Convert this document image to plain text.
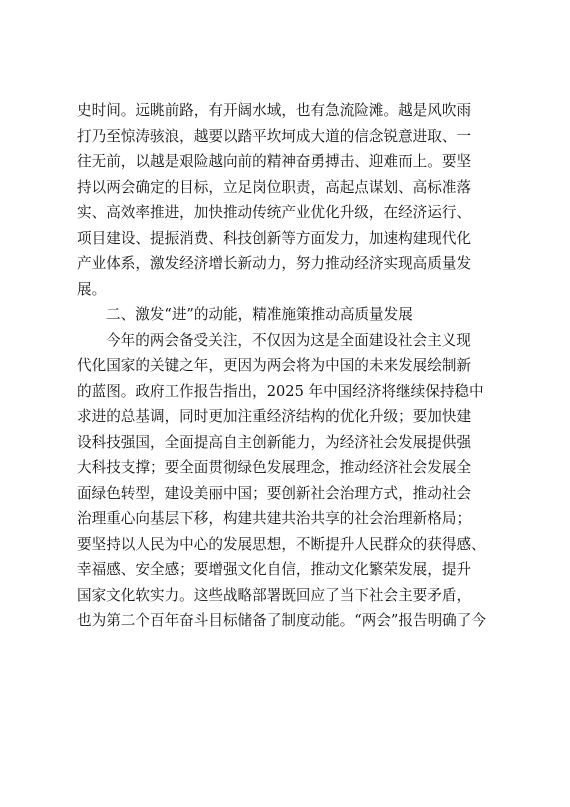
史时间。远眺前路，有开阔水域，也有急流险滩。越是风吹雨
打乃至惊涛骇浪，越要以踏平坎坷成大道的信念锐意进取、一
往无前，以越是艰险越向前的精神奋勇搏击、迎难而上。要坚
持以两会确定的目标，立足岗位职责，高起点谋划、高标准落
实、高效率推进，加快推动传统产业优化升级，在经济运行、
项目建设、提振消费、科技创新等方面发力，加速构建现代化
产业体系，激发经济增长新动力，努力推动经济实现高质量发
展。
二、激发“进”的动能，精准施策推动高质量发展
今年的两会备受关注，不仅因为这是全面建设社会主义现
代化国家的关键之年，更因为两会将为中国的未来发展绘制新
的蓝图。政府工作报告指出，2025 年中国经济将继续保持稳中
求进的总基调，同时更加注重经济结构的优化升级；要加快建
设科技强国，全面提高自主创新能力，为经济社会发展提供强
大科技支撑；要全面贯彻绿色发展理念，推动经济社会发展全
面绿色转型，建设美丽中国；要创新社会治理方式，推动社会
治理重心向基层下移，构建共建共治共享的社会治理新格局；
要坚持以人民为中心的发展思想，不断提升人民群众的获得感、
幸福感、安全感；要增强文化自信，推动文化繁荣发展，提升
国家文化软实力。这些战略部署既回应了当下社会主要矛盾，
也为第二个百年奋斗目标储备了制度动能。“两会”报告明确了今
